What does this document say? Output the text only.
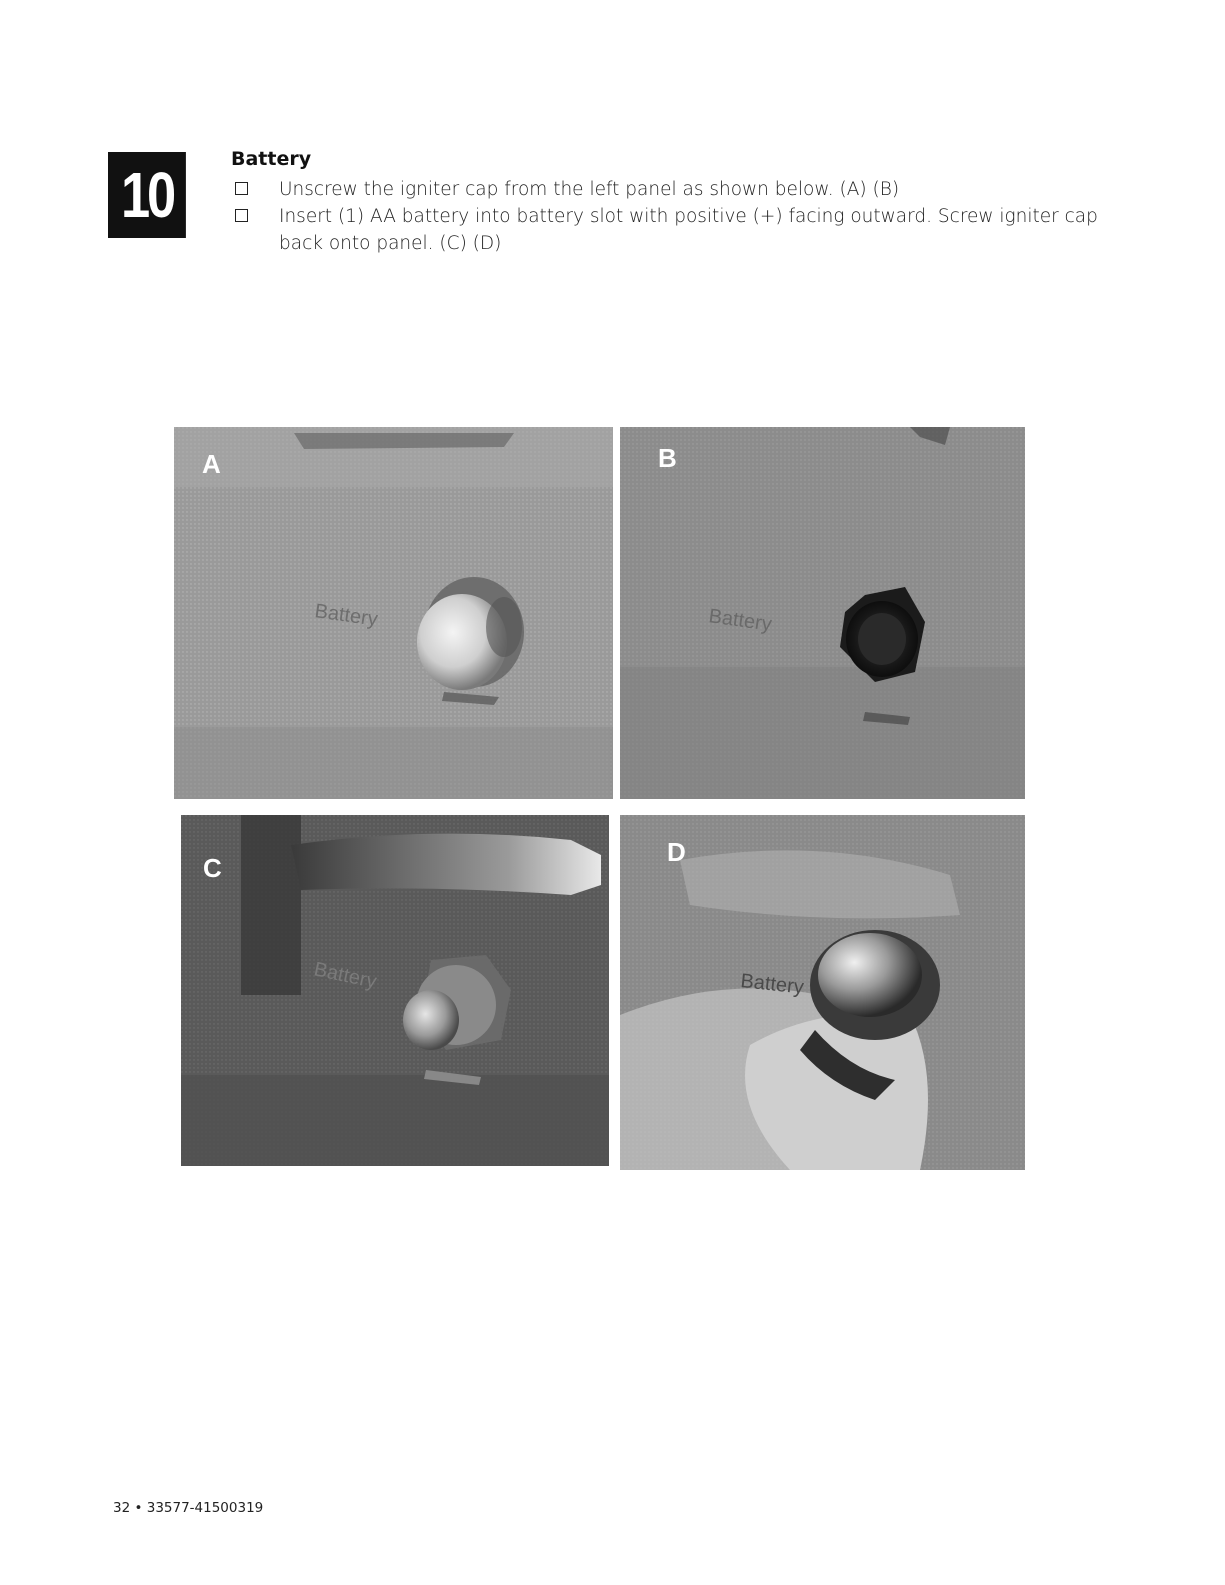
10	Battery
Unscrew the igniter cap from the left panel as shown below. (A) (B)
Insert (1) AA battery into battery slot with positive (+) facing outward. Screw igniter cap back onto panel. (C) (D)
Battery
A
Battery
B
Battery
C
Battery
D
32 • 33577-41500319
